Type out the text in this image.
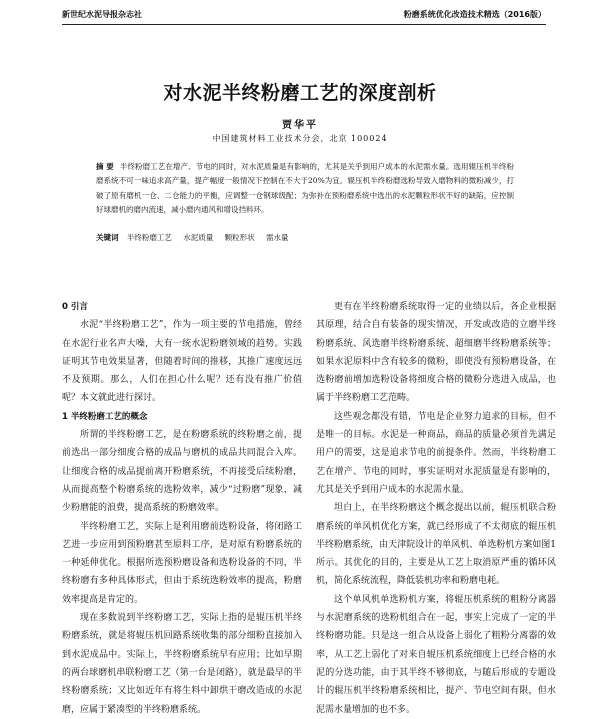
新世纪水泥导报杂志社	粉磨系统优化改造技术精选（2016版）
对水泥半终粉磨工艺的深度剖析
贾华平
中国建筑材料工业技术分会，北京 100024
摘 要 半终粉磨工艺在增产、节电的同时，对水泥质量是有影响的，尤其是关乎到用户成本的水泥需水量。选用辊压机半终粉磨系统不可一味追求高产量，提产幅度一般情况下控制在不大于20%为宜。辊压机半终粉磨选粉导致入磨物料的微粉减少，打破了原有磨机一仓、二仓能力的平衡，应调整一仓钢球级配；为弥补在预粉磨系统中选出的水泥颗粒形状不好的缺陷，应控制好球磨机的磨内流速，减小磨内通风和增设挡料环。
关键词 半终粉磨工艺 水泥质量 颗粒形状 需水量
0 引言

水泥“半终粉磨工艺”，作为一项主要的节电措施，曾经在水泥行业名声大噪，大有一统水泥粉磨领域的趋势。实践证明其节电效果显著，但随着时间的推移，其推广速度远远不及预期。那么，人们在担心什么呢？还有没有推广价值呢？本文就此进行探讨。

1 半终粉磨工艺的概念

所谓的半终粉磨工艺，是在粉磨系统的终粉磨之前，提前选出一部分细度合格的成品与磨机的成品共同混合入库。让细度合格的成品提前离开粉磨系统，不再接受后续粉磨，从而提高整个粉磨系统的选粉效率，减少“过粉磨”现象，减少粉磨能的浪费，提高系统的粉磨效率。

半终粉磨工艺，实际上是利用磨前选粉设备，将闭路工艺进一步应用到预粉磨甚至原料工序，是对原有粉磨系统的一种延伸优化。根据所选预粉磨设备和选粉设备的不同，半终粉磨有多种具体形式，但由于系统选粉效率的提高，粉磨效率提高是肯定的。

现在多数说到半终粉磨工艺，实际上指的是辊压机半终粉磨系统，就是将辊压机回路系统收集的部分细粉直接加入到水泥成品中。实际上，半终粉磨系统早有应用；比如早期的两台球磨机串联粉磨工艺（第一台是闭路），就是最早的半终粉磨系统；又比如近年有将生料中卸烘干磨改造成的水泥磨，应属于紧凑型的半终粉磨系统。

更有在半终粉磨系统取得一定的业绩以后，各企业根据其原理，结合自有装备的现实情况，开发或改造的立磨半终粉磨系统、风选磨半终粉磨系统、超细磨半终粉磨系统等；如果水泥原料中含有较多的微粉，即使没有预粉磨设备，在选粉磨前增加选粉设备将细度合格的微粉分选进入成品，也属于半终粉磨工艺范畴。

这些观念都没有错，节电是企业努力追求的目标，但不是唯一的目标。水泥是一种商品，商品的质量必须首先满足用户的需要，这是追求节电的前提条件。然而，半终粉磨工艺在增产、节电的同时，事实证明对水泥质量是有影响的，尤其是关乎到用户成本的水泥需水量。

坦白上，在半终粉磨这个概念提出以前，辊压机联合粉磨系统的单风机优化方案，就已经形成了不太彻底的辊压机半终粉磨系统，由天津院设计的单风机、单选粉机方案如图1所示。其优化的目的，主要是从工艺上取消原严重的循环风机，简化系统流程，降低装机功率和粉磨电耗。

这个单风机单选粉机方案，将辊压机系统的粗粉分离器与水泥磨系统的选粉机组合在一起，事实上完成了一定的半终粉磨功能。只是这一组合从设备上弱化了粗粉分离器的效率，从工艺上弱化了对来自辊压机系统细度上已经合格的水泥的分选功能，由于其半终不够彻底，与随后形成的专题设计的辊压机半终粉磨系统相比，提产、节电空间有限，但水泥需水量增加的也不多。
